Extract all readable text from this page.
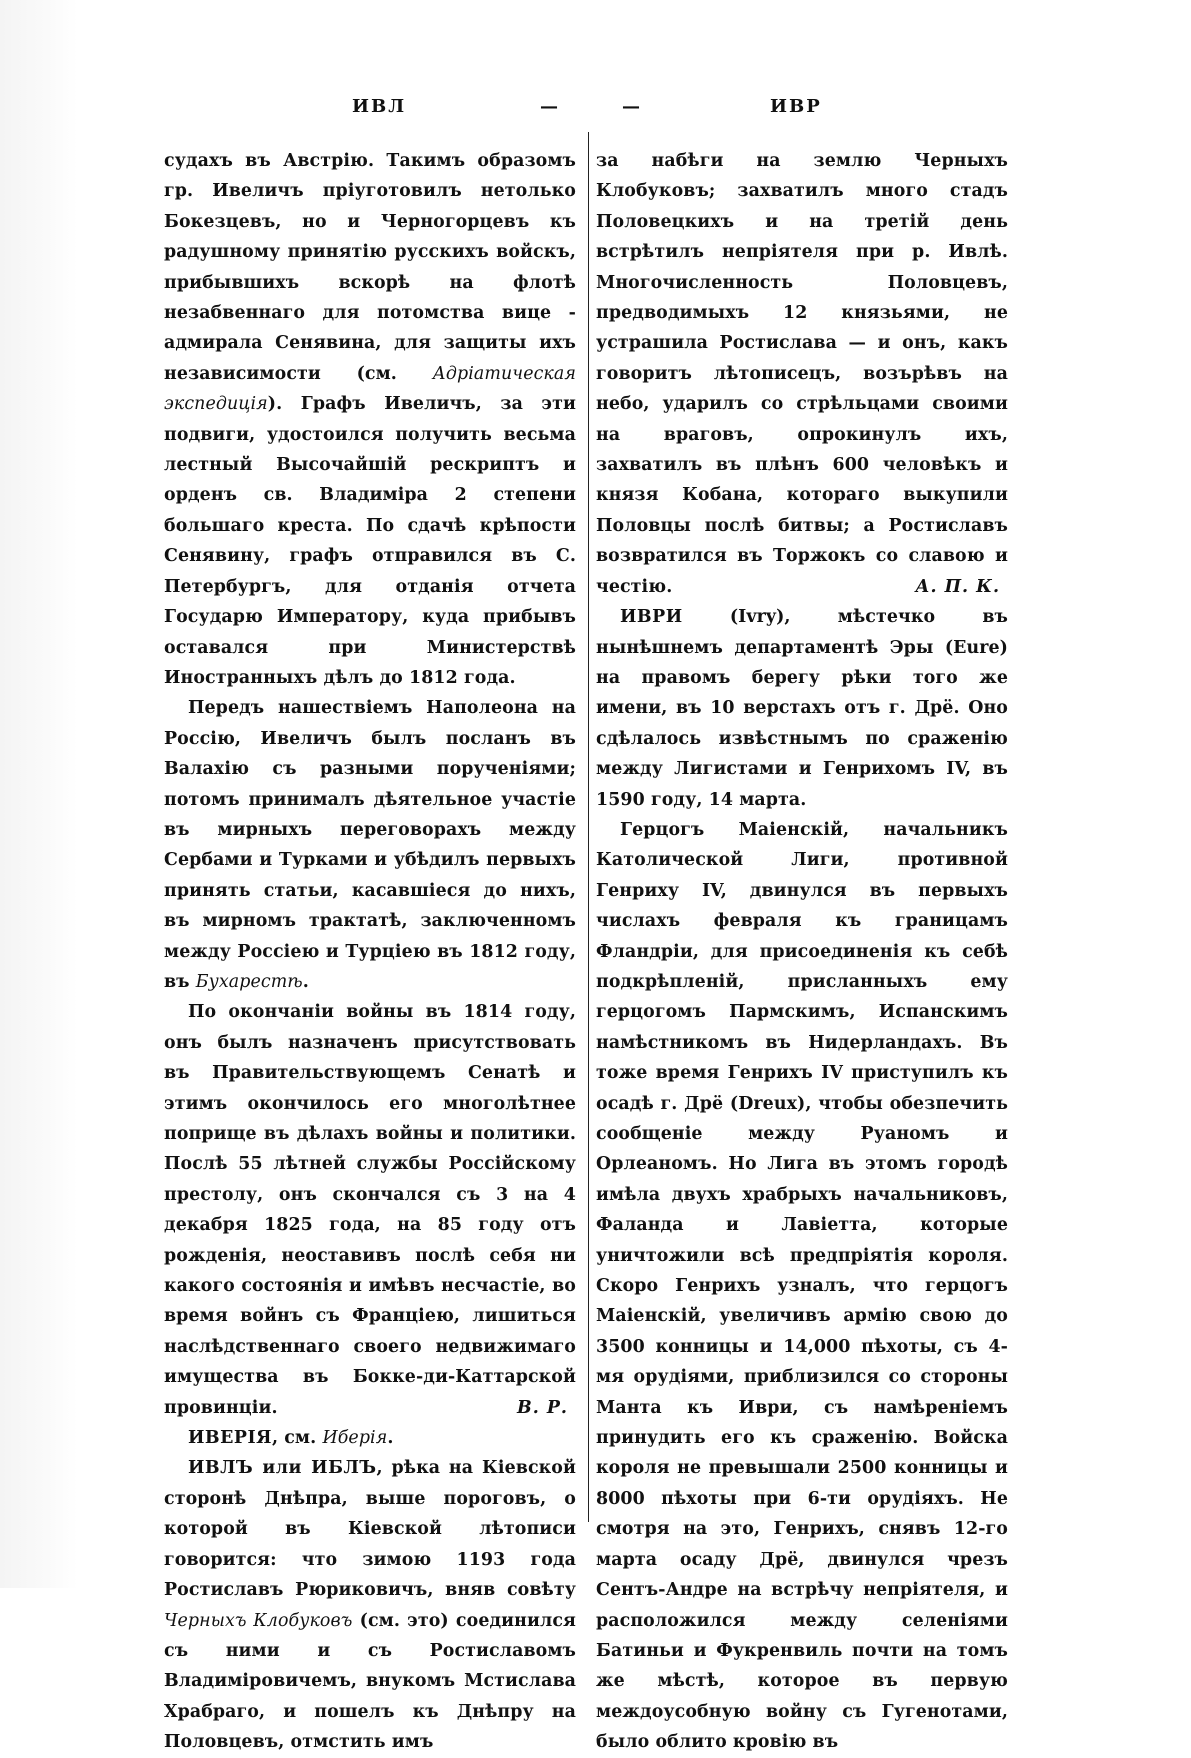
ИВЛ	—	—	ИВР

судахъ въ Австрію. Такимъ образомъ гр. Ивеличъ пріуготовилъ нетолько Бокезцевъ, но и Черногорцевъ къ радушному принятію русскихъ войскъ, прибывшихъ вскорѣ на флотѣ незабвеннаго для потомства вице - адмирала Сенявина, для защиты ихъ независимости (см. Адріатическая экспедиція). Графъ Ивеличъ, за эти подвиги, удостоился получить весьма лестный Высочайшій рескриптъ и орденъ св. Владиміра 2 степени большаго креста. По сдачѣ крѣпости Сенявину, графъ отправился въ С. Петербургъ, для отданія отчета Государю Императору, куда прибывъ оставался при Министерствѣ Иностранныхъ дѣлъ до 1812 года.

Передъ нашествіемъ Наполеона на Россію, Ивеличъ былъ посланъ въ Валахію съ разными порученіями; потомъ принималъ дѣятельное участіе въ мирныхъ переговорахъ между Сербами и Турками и убѣдилъ первыхъ принять статьи, касавшіеся до нихъ, въ мирномъ трактатѣ, заключенномъ между Россіею и Турціею въ 1812 году, въ Бухарестѣ.

По окончаніи войны въ 1814 году, онъ былъ назначенъ присутствовать въ Правительствующемъ Сенатѣ и этимъ окончилось его многолѣтнее поприще въ дѣлахъ войны и политики. Послѣ 55 лѣтней службы Россійскому престолу, онъ скончался съ 3 на 4 декабря 1825 года, на 85 году отъ рожденія, неоставивъ послѣ себя ни какого состоянія и имѣвъ несчастіе, во время войнъ съ Франціею, лишиться наслѣдственнаго своего недвижимаго имущества въ Бокке-ди-Каттарской провинціи.	В. Р.

ИВЕРІЯ, см. Иберія.

ИВЛЪ или ИБЛЪ, рѣка на Кіевской сторонѣ Днѣпра, выше пороговъ, о которой въ Кіевской лѣтописи говорится: что зимою 1193 года Ростиславъ Рюриковичъ, вняв совѣту Черныхъ Клобуковъ (см. это) соединился съ ними и съ Ростиславомъ Владиміровичемъ, внукомъ Мстислава Храбраго, и пошелъ къ Днѣпру на Половцевъ, отмстить имъ

за набѣги на землю Черныхъ Клобуковъ; захватилъ много стадъ Половецкихъ и на третій день встрѣтилъ непріятеля при р. Ивлѣ. Многочисленность Половцевъ, предводимыхъ 12 князьями, не устрашила Ростислава — и онъ, какъ говоритъ лѣтописецъ, возърѣвъ на небо, ударилъ со стрѣльцами своими на враговъ, опрокинулъ ихъ, захватилъ въ плѣнъ 600 человѣкъ и князя Кобана, котораго выкупили Половцы послѣ битвы; а Ростиславъ возвратился въ Торжокъ со славою и честію.	А. П. К.

ИВРИ	(Ivry), мѣстечко въ нынѣшнемъ департаментѣ Эры (Eure) на правомъ берегу рѣки того же имени, въ 10 верстахъ отъ г. Дрё. Оно сдѣлалось извѣстнымъ по сраженію между Лигистами и Генрихомъ IV, въ 1590 году, 14 марта.

Герцогъ Маіенскій, начальникъ Католической Лиги, противной Генриху IV, двинулся въ первыхъ числахъ февраля къ границамъ Фландріи, для присоединенія къ себѣ подкрѣпленій, присланныхъ ему герцогомъ Пармскимъ, Испанскимъ намѣстникомъ въ Нидерландахъ. Въ тоже время Генрихъ IV приступилъ къ осадѣ г. Дрё (Dreux), чтобы обезпечить сообщеніе между Руаномъ и Орлеаномъ. Но Лига въ этомъ городѣ имѣла двухъ храбрыхъ начальниковъ, Фаланда и Лавіетта, которые уничтожили всѣ предпріятія короля. Скоро Генрихъ узналъ, что герцогъ Маіенскій, увеличивъ армію свою до 3500 конницы и 14,000 пѣхоты, съ 4-мя орудіями, приблизился со стороны Манта къ Иври, съ намѣреніемъ принудить его къ сраженію. Войска короля не превышали 2500 конницы и 8000 пѣхоты при 6-ти орудіяхъ. Не смотря на это, Генрихъ, снявъ 12-го марта осаду Дрё, двинулся чрезъ Сентъ-Андре на встрѣчу непріятеля, и расположился между селеніями Батиньи и Фукренвиль почти на томъ же мѣстѣ, которое въ первую междоусобную войну съ Гугенотами, было облито кровію въ
